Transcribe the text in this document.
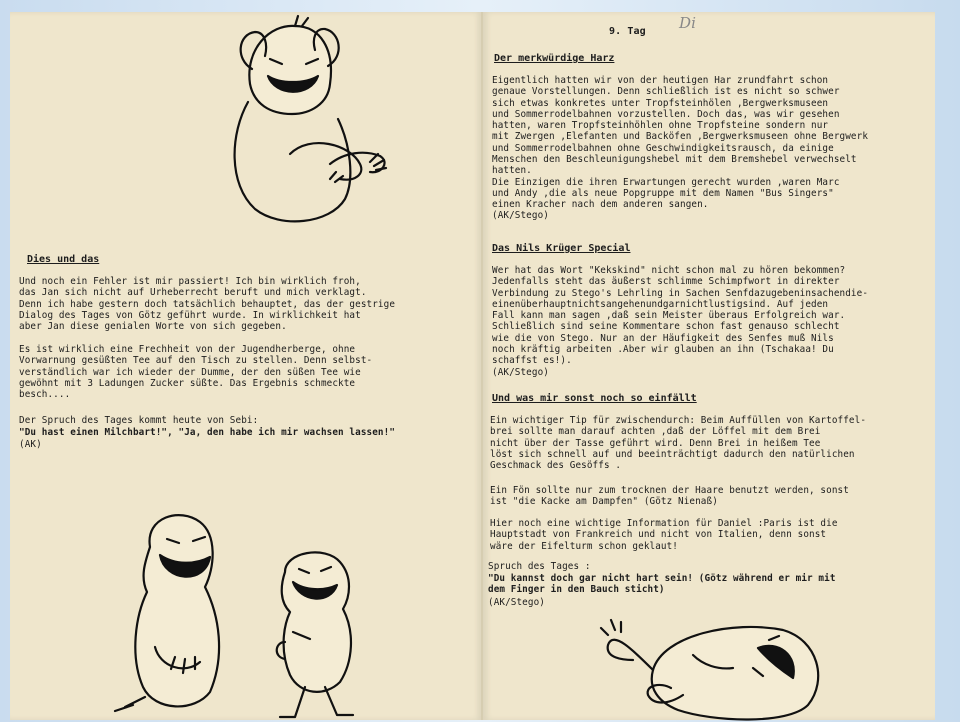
Dies und das
Und noch ein Fehler ist mir passiert! Ich bin wirklich froh,
das Jan sich nicht auf Urheberrecht beruft und mich verklagt.
Denn ich habe gestern doch tatsächlich behauptet, das der gestrige
Dialog des Tages von Götz geführt wurde. In wirklichkeit hat
aber Jan diese genialen Worte von sich gegeben.
Es ist wirklich eine Frechheit von der Jugendherberge, ohne
Vorwarnung gesüßten Tee auf den Tisch zu stellen. Denn selbst-
verständlich war ich wieder der Dumme, der den süßen Tee wie
gewöhnt mit 3 Ladungen Zucker süßte. Das Ergebnis schmeckte
besch....
Der Spruch des Tages kommt heute von Sebi:
"Du hast einen Milchbart!", "Ja, den habe ich mir wachsen lassen!"
(AK)
9. Tag Di
Der merkwürdige Harz
Eigentlich hatten wir von der heutigen Har zrundfahrt schon
genaue Vorstellungen. Denn schließlich ist es nicht so schwer
sich etwas konkretes unter Tropfsteinhölen ,Bergwerksmuseen
und Sommerrodelbahnen vorzustellen. Doch das, was wir gesehen
hatten, waren Tropfsteinhöhlen ohne Tropfsteine sondern nur
mit Zwergen ,Elefanten und Backöfen ,Bergwerksmuseen ohne Bergwerk
und Sommerrodelbahnen ohne Geschwindigkeitsrausch, da einige
Menschen den Beschleunigungshebel mit dem Bremshebel verwechselt
hatten.
Die Einzigen die ihren Erwartungen gerecht wurden ,waren Marc
und Andy ,die als neue Popgruppe mit dem Namen "Bus Singers"
einen Kracher nach dem anderen sangen.
(AK/Stego)
Das Nils Krüger Special
Wer hat das Wort "Kekskind" nicht schon mal zu hören bekommen?
Jedenfalls steht das äußerst schlimme Schimpfwort in direkter
Verbindung zu Stego's Lehrling in Sachen Senfdazugebeninsachendie-
einenüberhauptnichtsangehenundgarnichtlustigsind. Auf jeden
Fall kann man sagen ,daß sein Meister überaus Erfolgreich war.
Schließlich sind seine Kommentare schon fast genauso schlecht
wie die von Stego. Nur an der Häufigkeit des Senfes muß Nils
noch kräftig arbeiten .Aber wir glauben an ihn (Tschakaa! Du
schaffst es!).
(AK/Stego)
Und was mir sonst noch so einfällt
Ein wichtiger Tip für zwischendurch: Beim Auffüllen von Kartoffel-
brei sollte man darauf achten ,daß der Löffel mit dem Brei
nicht über der Tasse geführt wird. Denn Brei in heißem Tee
löst sich schnell auf und beeinträchtigt dadurch den natürlichen
Geschmack des Gesöffs .
Ein Fön sollte nur zum trocknen der Haare benutzt werden, sonst
ist "die Kacke am Dampfen" (Götz Nienaß)
Hier noch eine wichtige Information für Daniel :Paris ist die
Hauptstadt von Frankreich und nicht von Italien, denn sonst
wäre der Eifelturm schon geklaut!
Spruch des Tages :
"Du kannst doch gar nicht hart sein! (Götz während er mir mit
dem Finger in den Bauch sticht)
(AK/Stego)
